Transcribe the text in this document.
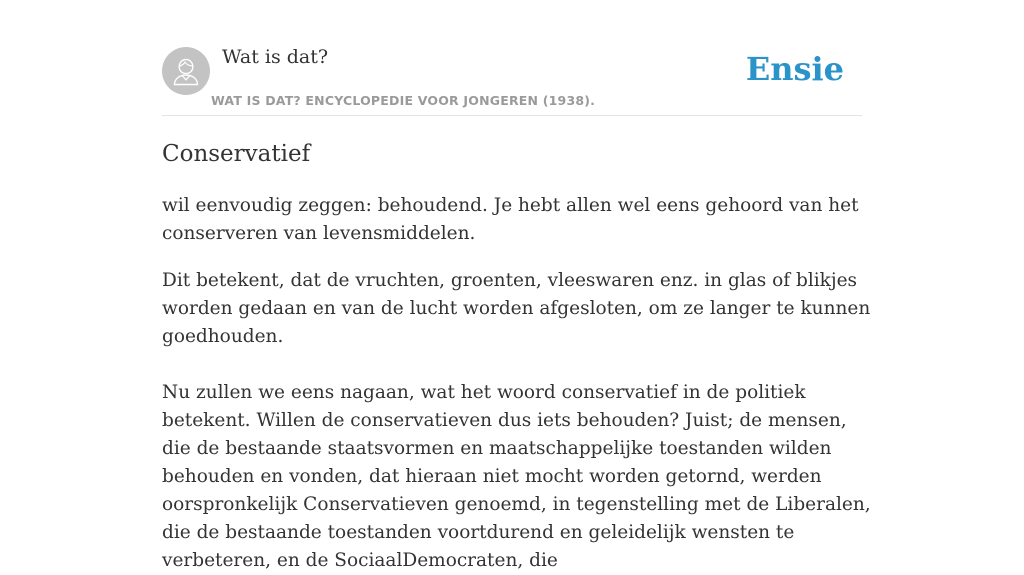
Wat is dat?
WAT IS DAT? ENCYCLOPEDIE VOOR JONGEREN (1938).
Ensie
Conservatief

wil eenvoudig zeggen: behoudend. Je hebt allen wel eens gehoord van het conserveren van levensmiddelen.

Dit betekent, dat de vruchten, groenten, vleeswaren enz. in glas of blikjes worden gedaan en van de lucht worden afgesloten, om ze langer te kunnen goedhouden.

Nu zullen we eens nagaan, wat het woord conservatief in de politiek betekent. Willen de conservatieven dus iets behouden? Juist; de mensen, die de bestaande staatsvormen en maatschappelijke toestanden wilden behouden en vonden, dat hieraan niet mocht worden getornd, werden oorspronkelijk Conservatieven genoemd, in tegenstelling met de Liberalen, die de bestaande toestanden voortdurend en geleidelijk wensten te verbeteren, en de SociaalDemocraten, die
